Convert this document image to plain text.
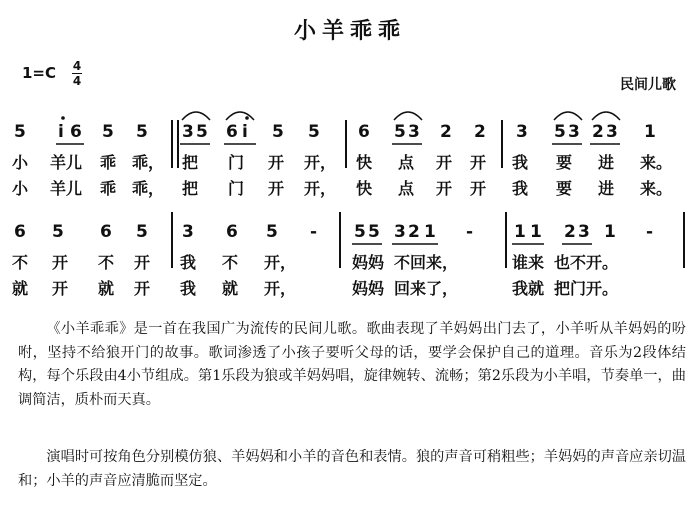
小羊乖乖
1=C 4
4	民间儿歌
5 i 6 5 5 3 5 6 i 5 5 6 5 3 2 2 3 5 3 2 3 1
小 羊儿 乖 乖， 把 门 开 开， 快 点 开 开 我 要 进 来。
小 羊儿 乖 乖， 把 门 开 开， 快 点 开 开 我 要 进 来。
6 5 6 5 3 6 5 - 5 5 3 2 1 - 1 1 2 3 1 -
不 开 不 开 我 不 开，	妈妈 不回来，	谁来 也不开。
就 开 就 开 我 就 开，	妈妈 回来了，	我就 把门开。
《小羊乖乖》是一首在我国广为流传的民间儿歌。歌曲表现了羊妈妈出门去了，小羊听从羊妈妈的吩咐，坚持不给狼开门的故事。歌词渗透了小孩子要听父母的话，要学会保护自己的道理。音乐为2段体结构，每个乐段由4小节组成。第1乐段为狼或羊妈妈唱，旋律婉转、流畅；第2乐段为小羊唱，节奏单一，曲调简洁，质朴而天真。
演唱时可按角色分别模仿狼、羊妈妈和小羊的音色和表情。狼的声音可稍粗些；羊妈妈的声音应亲切温和；小羊的声音应清脆而坚定。
